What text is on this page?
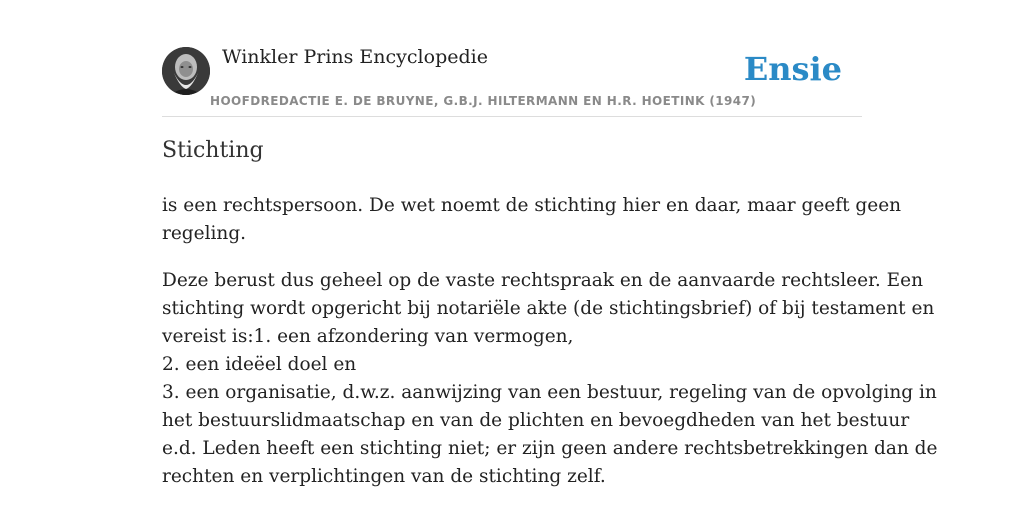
Winkler Prins Encyclopedie
HOOFDREDACTIE E. DE BRUYNE, G.B.J. HILTERMANN EN H.R. HOETINK (1947)
Ensie
Stichting

is een rechtspersoon. De wet noemt de stichting hier en daar, maar geeft geen
regeling.

Deze berust dus geheel op de vaste rechtspraak en de aanvaarde rechtsleer. Een
stichting wordt opgericht bij notariële akte (de stichtingsbrief) of bij testament en
vereist is:1. een afzondering van vermogen,
2. een ideëel doel en
3. een organisatie, d.w.z. aanwijzing van een bestuur, regeling van de opvolging in
het bestuurslidmaatschap en van de plichten en bevoegdheden van het bestuur
e.d. Leden heeft een stichting niet; er zijn geen andere rechtsbetrekkingen dan de
rechten en verplichtingen van de stichting zelf.
